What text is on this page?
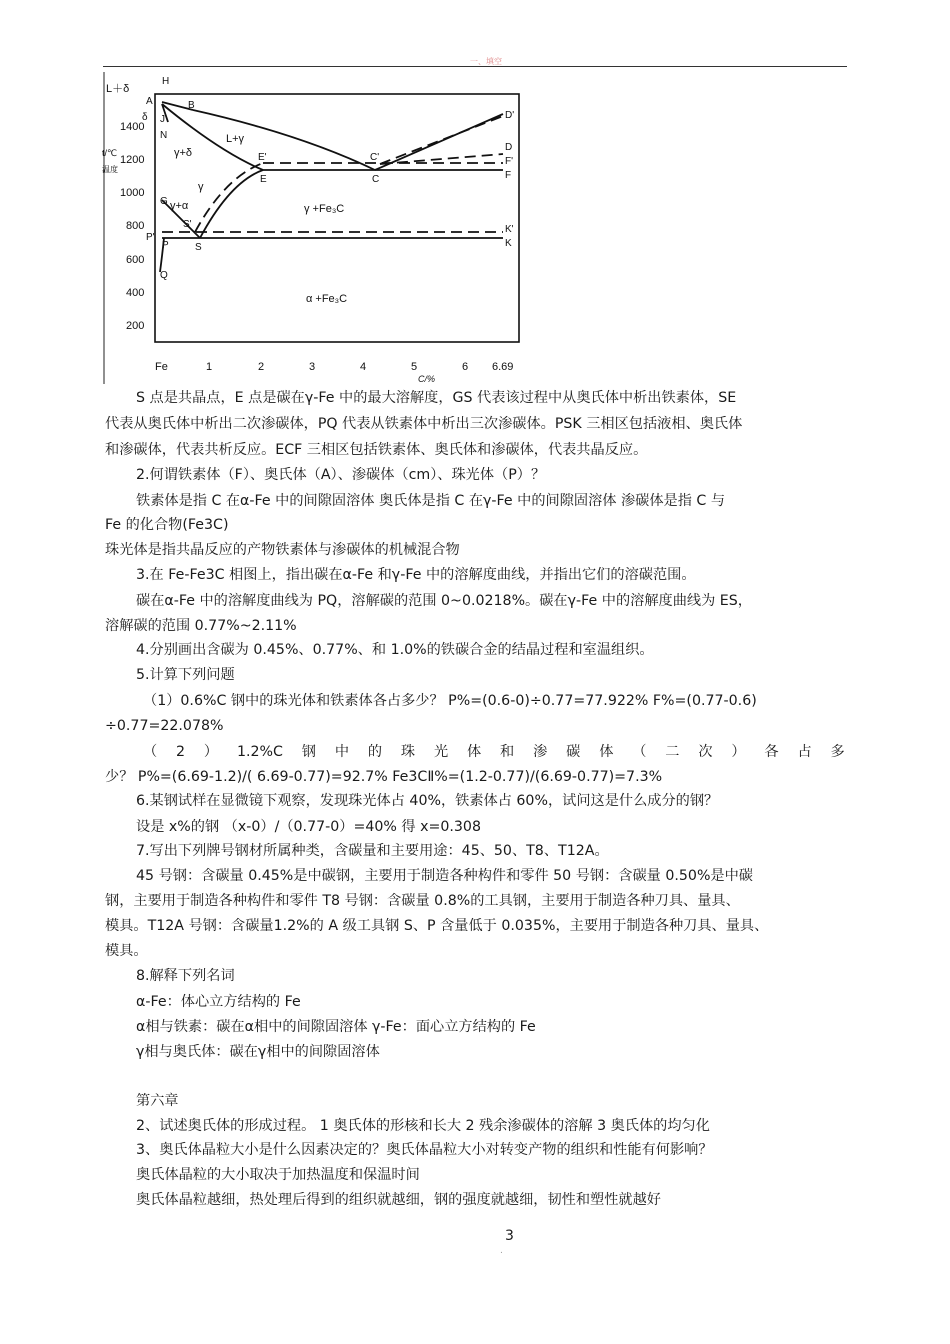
一、填空
1400
1200
1000
800
600
400
200
t/℃
温度
Fe	1	2	3	4	5	6 6.69
C/%
L＋δ
L+γ
γ+δ
γ
γ+α	γ +Fe₃C
α +Fe₃C
H
A	B
δ J
N
E'
E
C'
C
D'
D
F'
F
G
S'
S
P'
P
Q
K'
K
S 点是共晶点，E 点是碳在γ-Fe 中的最大溶解度，GS 代表该过程中从奥氏体中析出铁素体，SE
代表从奥氏体中析出二次渗碳体，PQ 代表从铁素体中析出三次渗碳体。PSK 三相区包括液相、奥氏体
和渗碳体，代表共析反应。ECF 三相区包括铁素体、奥氏体和渗碳体，代表共晶反应。
2.何谓铁素体（F）、奥氏体（A）、渗碳体（cm）、珠光体（P）？
铁素体是指 C 在α-Fe 中的间隙固溶体 奥氏体是指 C 在γ-Fe 中的间隙固溶体 渗碳体是指 C 与
Fe 的化合物(Fe3C)
珠光体是指共晶反应的产物铁素体与渗碳体的机械混合物
3.在 Fe-Fe3C 相图上，指出碳在α-Fe 和γ-Fe 中的溶解度曲线，并指出它们的溶碳范围。
碳在α-Fe 中的溶解度曲线为 PQ，溶解碳的范围 0~0.0218%。碳在γ-Fe 中的溶解度曲线为 ES，
溶解碳的范围 0.77%~2.11%
4.分别画出含碳为 0.45%、0.77%、和 1.0%的铁碳合金的结晶过程和室温组织。
5.计算下列问题
（1）0.6%C 钢中的珠光体和铁素体各占多少？ P%=(0.6-0)÷0.77=77.922% F%=(0.77-0.6)
÷0.77=22.078%
（ 2 ） 1.2%C 钢 中 的 珠 光 体 和 渗 碳 体 （ 二 次 ） 各 占 多
少？ P%=(6.69-1.2)/( 6.69-0.77)=92.7% Fe3CⅡ%=(1.2-0.77)/(6.69-0.77)=7.3%
6.某钢试样在显微镜下观察，发现珠光体占 40%，铁素体占 60%，试问这是什么成分的钢？
设是 x%的钢 （x-0）/（0.77-0）=40% 得 x=0.308
7.写出下列牌号钢材所属种类，含碳量和主要用途：45、50、T8、T12A。
45 号钢：含碳量 0.45%是中碳钢，主要用于制造各种构件和零件 50 号钢：含碳量 0.50%是中碳
钢，主要用于制造各种构件和零件 T8 号钢：含碳量 0.8%的工具钢，主要用于制造各种刀具、量具、
模具。T12A 号钢：含碳量1.2%的 A 级工具钢 S、P 含量低于 0.035%，主要用于制造各种刀具、量具、
模具。
8.解释下列名词
α-Fe：体心立方结构的 Fe
α相与铁素：碳在α相中的间隙固溶体 γ-Fe：面心立方结构的 Fe
γ相与奥氏体：碳在γ相中的间隙固溶体
第六章
2、试述奥氏体的形成过程。 1 奥氏体的形核和长大 2 残余渗碳体的溶解 3 奥氏体的均匀化
3、奥氏体晶粒大小是什么因素决定的？奥氏体晶粒大小对转变产物的组织和性能有何影响？
奥氏体晶粒的大小取决于加热温度和保温时间
奥氏体晶粒越细，热处理后得到的组织就越细，钢的强度就越细，韧性和塑性就越好
3
.
